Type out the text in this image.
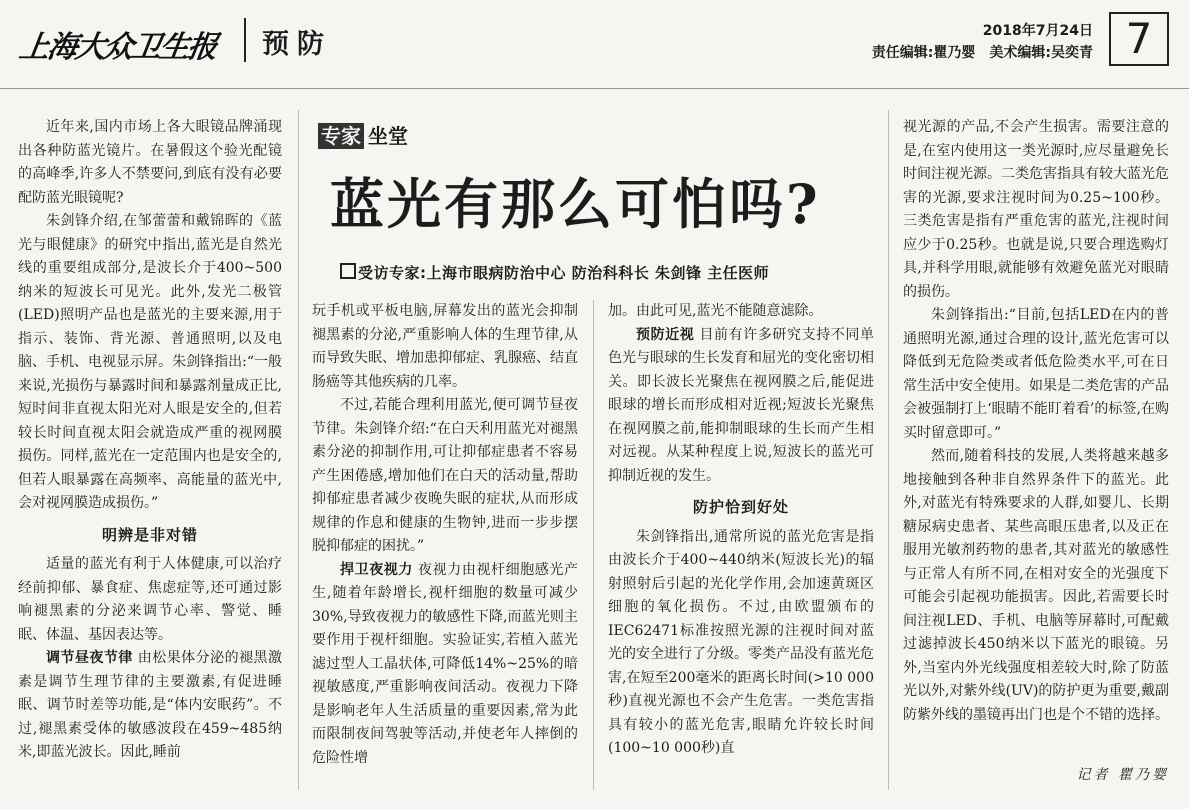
上海大众卫生报 预防	2018年7月24日
责任编辑:瞿乃婴 美术编辑:吴奕青 7

近年来,国内市场上各大眼镜品牌涌现出各种防蓝光镜片。在暑假这个验光配镜的高峰季,许多人不禁要问,到底有没有必要配防蓝光眼镜呢?

朱剑锋介绍,在邹蕾蕾和戴锦晖的《蓝光与眼健康》的研究中指出,蓝光是自然光线的重要组成部分,是波长介于400~500纳米的短波长可见光。此外,发光二极管(LED)照明产品也是蓝光的主要来源,用于指示、装饰、背光源、普通照明,以及电脑、手机、电视显示屏。朱剑锋指出:“一般来说,光损伤与暴露时间和暴露剂量成正比,短时间非直视太阳光对人眼是安全的,但若较长时间直视太阳会就造成严重的视网膜损伤。同样,蓝光在一定范围内也是安全的,但若人眼暴露在高频率、高能量的蓝光中,会对视网膜造成损伤。”

明辨是非对错

适量的蓝光有利于人体健康,可以治疗经前抑郁、暴食症、焦虑症等,还可通过影响褪黑素的分泌来调节心率、警觉、睡眠、体温、基因表达等。

调节昼夜节律 由松果体分泌的褪黑激素是调节生理节律的主要激素,有促进睡眠、调节时差等功能,是“体内安眠药”。不过,褪黑素受体的敏感波段在459~485纳米,即蓝光波长。因此,睡前

专家 坐堂
蓝光有那么可怕吗?
受访专家:上海市眼病防治中心 防治科科长 朱剑锋 主任医师

玩手机或平板电脑,屏幕发出的蓝光会抑制褪黑素的分泌,严重影响人体的生理节律,从而导致失眠、增加患抑郁症、乳腺癌、结直肠癌等其他疾病的几率。

不过,若能合理利用蓝光,便可调节昼夜节律。朱剑锋介绍:“在白天利用蓝光对褪黑素分泌的抑制作用,可让抑郁症患者不容易产生困倦感,增加他们在白天的活动量,帮助抑郁症患者减少夜晚失眠的症状,从而形成规律的作息和健康的生物钟,进而一步步摆脱抑郁症的困扰。”

捍卫夜视力 夜视力由视杆细胞感光产生,随着年龄增长,视杆细胞的数量可减少30%,导致夜视力的敏感性下降,而蓝光则主要作用于视杆细胞。实验证实,若植入蓝光滤过型人工晶状体,可降低14%~25%的暗视敏感度,严重影响夜间活动。夜视力下降是影响老年人生活质量的重要因素,常为此而限制夜间驾驶等活动,并使老年人摔倒的危险性增

加。由此可见,蓝光不能随意滤除。

预防近视 目前有许多研究支持不同单色光与眼球的生长发育和屈光的变化密切相关。即长波长光聚焦在视网膜之后,能促进眼球的增长而形成相对近视;短波长光聚焦在视网膜之前,能抑制眼球的生长而产生相对远视。从某种程度上说,短波长的蓝光可抑制近视的发生。

防护恰到好处

朱剑锋指出,通常所说的蓝光危害是指由波长介于400~440纳米(短波长光)的辐射照射后引起的光化学作用,会加速黄斑区细胞的氧化损伤。不过,由欧盟颁布的IEC62471标准按照光源的注视时间对蓝光的安全进行了分级。零类产品没有蓝光危害,在短至200毫米的距离长时间(>10 000秒)直视光源也不会产生危害。一类危害指具有较小的蓝光危害,眼睛允许较长时间(100~10 000秒)直

视光源的产品,不会产生损害。需要注意的是,在室内使用这一类光源时,应尽量避免长时间注视光源。二类危害指具有较大蓝光危害的光源,要求注视时间为0.25~100秒。三类危害是指有严重危害的蓝光,注视时间应少于0.25秒。也就是说,只要合理选购灯具,并科学用眼,就能够有效避免蓝光对眼睛的损伤。

朱剑锋指出:“目前,包括LED在内的普通照明光源,通过合理的设计,蓝光危害可以降低到无危险类或者低危险类水平,可在日常生活中安全使用。如果是二类危害的产品会被强制打上‘眼睛不能盯着看’的标签,在购买时留意即可。”

然而,随着科技的发展,人类将越来越多地接触到各种非自然界条件下的蓝光。此外,对蓝光有特殊要求的人群,如婴儿、长期糖尿病史患者、某些高眼压患者,以及正在服用光敏剂药物的患者,其对蓝光的敏感性与正常人有所不同,在相对安全的光强度下可能会引起视功能损害。因此,若需要长时间注视LED、手机、电脑等屏幕时,可配戴过滤掉波长450纳米以下蓝光的眼镜。另外,当室内外光线强度相差较大时,除了防蓝光以外,对紫外线(UV)的防护更为重要,戴副防紫外线的墨镜再出门也是个不错的选择。

记者 瞿乃婴
